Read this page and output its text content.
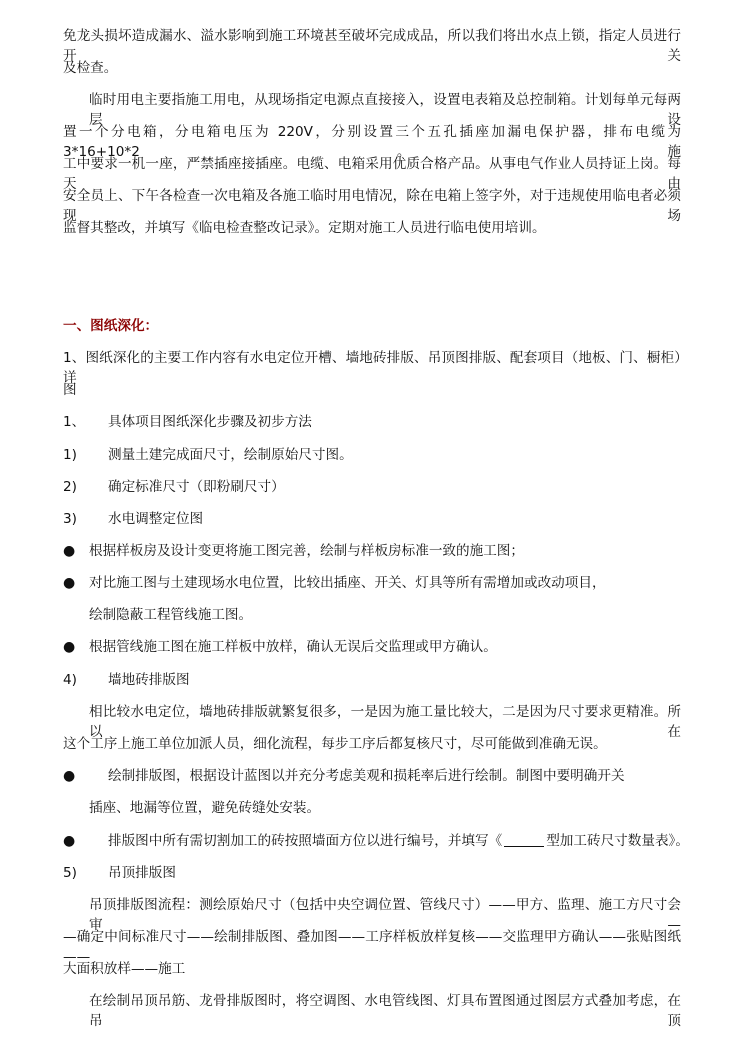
免龙头损坏造成漏水、溢水影响到施工环境甚至破坏完成成品，所以我们将出水点上锁，指定人员进行开关
及检查。
临时用电主要指施工用电，从现场指定电源点直接接入，设置电表箱及总控制箱。计划每单元每两层设
置一个分电箱，分电箱电压为 220V，分别设置三个五孔插座加漏电保护器，排布电缆为 3*16+10*2。施
工中要求一机一座，严禁插座接插座。电缆、电箱采用优质合格产品。从事电气作业人员持证上岗。每天由
安全员上、下午各检查一次电箱及各施工临时用电情况，除在电箱上签字外，对于违规使用临电者必须现场
监督其整改，并填写《临电检查整改记录》。定期对施工人员进行临电使用培训。
一、图纸深化：
1、图纸深化的主要工作内容有水电定位开槽、墙地砖排版、吊顶图排版、配套项目（地板、门、橱柜）详
图
1、 具体项目图纸深化步骤及初步方法
1) 测量土建完成面尺寸，绘制原始尺寸图。
2) 确定标准尺寸（即粉刷尺寸）
3) 水电调整定位图
● 根据样板房及设计变更将施工图完善，绘制与样板房标准一致的施工图；
● 对比施工图与土建现场水电位置，比较出插座、开关、灯具等所有需增加或改动项目，
绘制隐蔽工程管线施工图。
● 根据管线施工图在施工样板中放样，确认无误后交监理或甲方确认。
4) 墙地砖排版图
相比较水电定位，墙地砖排版就繁复很多，一是因为施工量比较大，二是因为尺寸要求更精准。所以在
这个工序上施工单位加派人员，细化流程，每步工序后都复核尺寸，尽可能做到准确无误。
● 绘制排版图，根据设计蓝图以并充分考虑美观和损耗率后进行绘制。制图中要明确开关
插座、地漏等位置，避免砖缝处安装。
● 排版图中所有需切割加工的砖按照墙面方位以进行编号，并填写《	型加工砖尺寸数量表》。
5) 吊顶排版图
吊顶排版图流程：测绘原始尺寸（包括中央空调位置、管线尺寸）——甲方、监理、施工方尺寸会审—
—确定中间标准尺寸——绘制排版图、叠加图——工序样板放样复核——交监理甲方确认——张贴图纸——
大面积放样——施工
在绘制吊顶吊筋、龙骨排版图时，将空调图、水电管线图、灯具布置图通过图层方式叠加考虑，在吊顶
